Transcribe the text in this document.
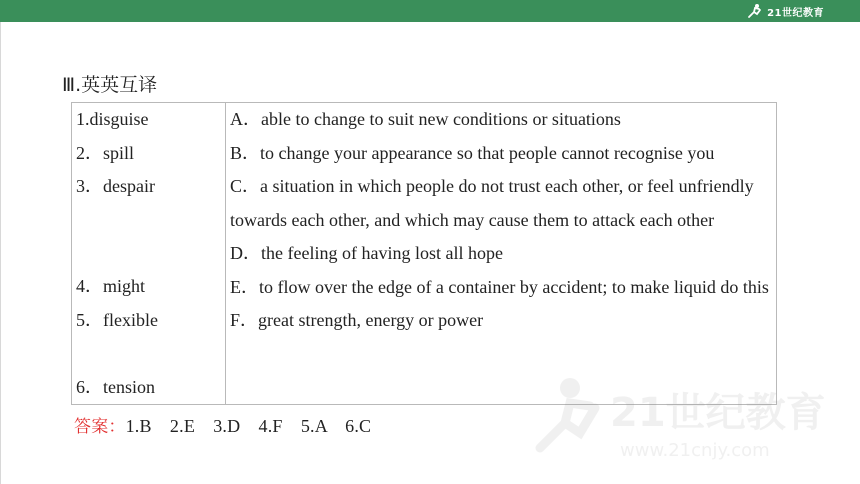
21世纪教育
Ⅲ.英英互译
1.disguise
2．spill
3．despair
4．might
5．flexible
6．tension

A．able to change to suit new conditions or situations
B．to change your appearance so that people cannot recognise you
C．a situation in which people do not trust each other, or feel unfriendly towards each other, and which may cause them to attack each other
D．the feeling of having lost all hope
E．to flow over the edge of a container by accident; to make liquid do this
F．great strength, energy or power
答案：1.B　2.E　3.D　4.F　5.A　6.C	21世纪教育
www.21cnjy.com
